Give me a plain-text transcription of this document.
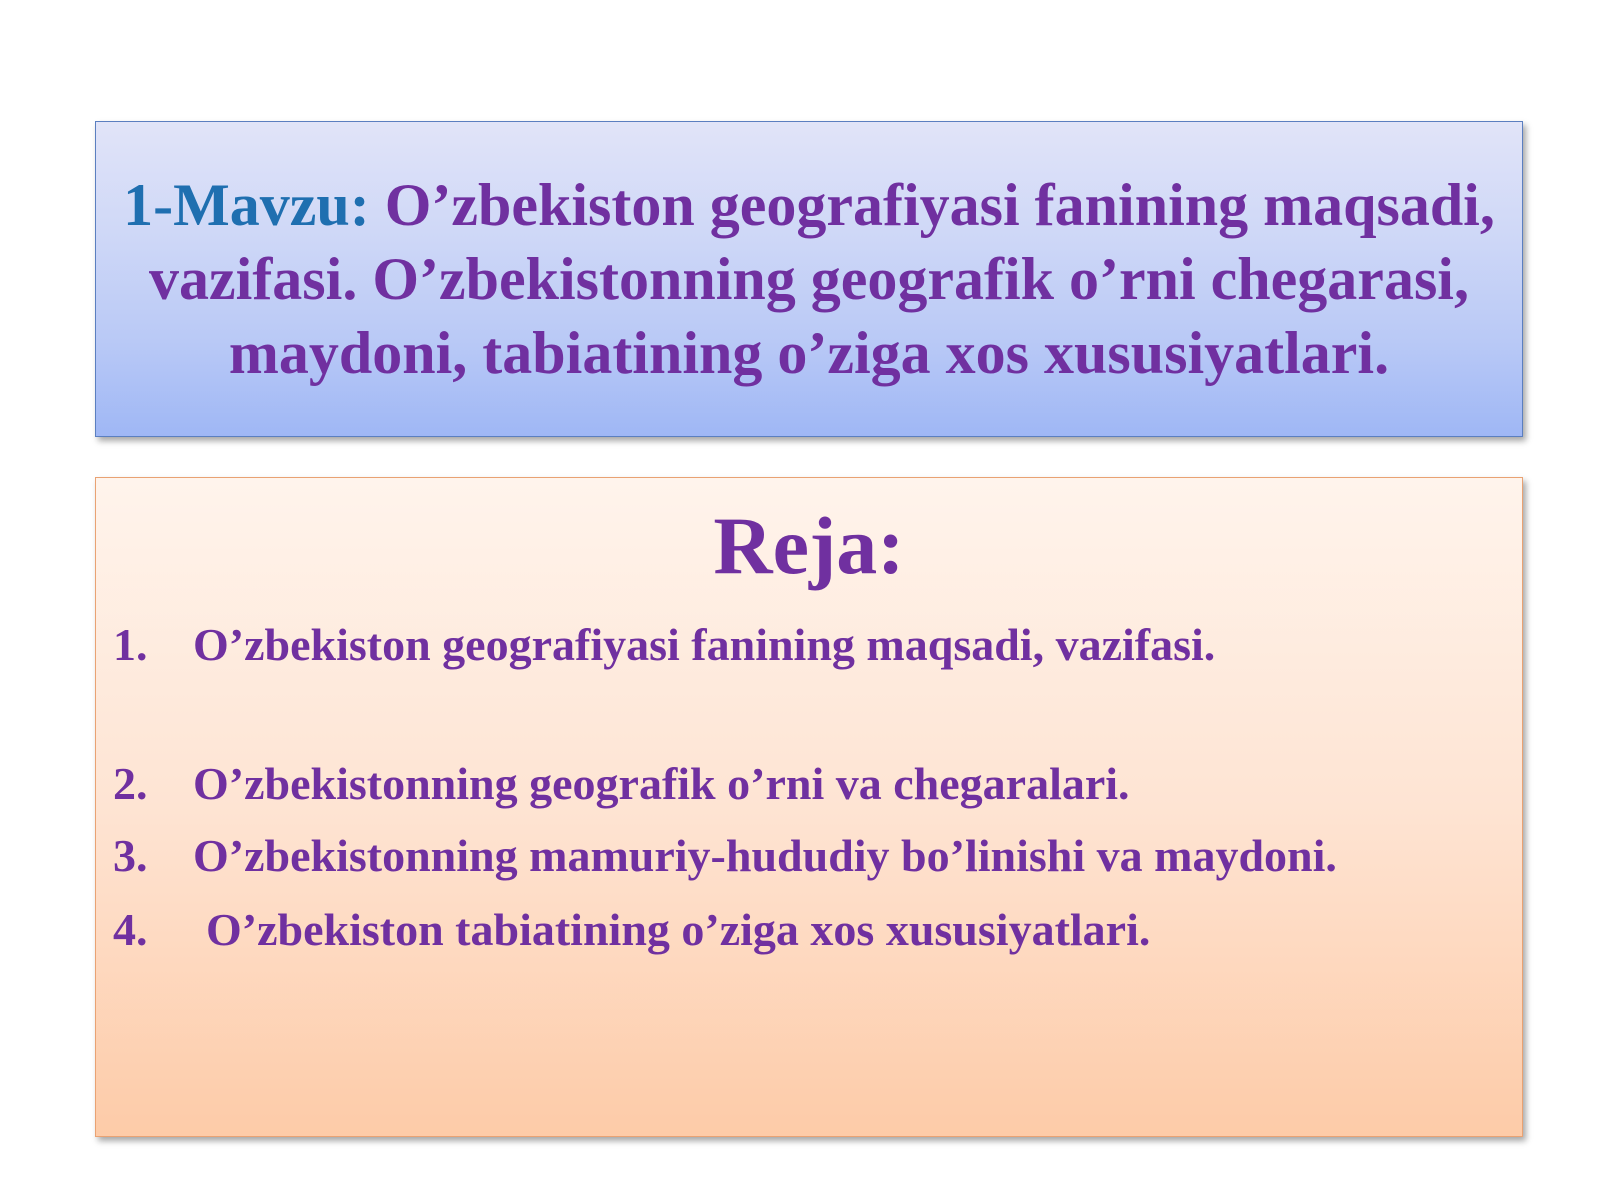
1-Mavzu: O’zbekiston geografiyasi fanining maqsadi, vazifasi. O’zbekistonning geografik o’rni chegarasi, maydoni, tabiatining o’ziga xos xususiyatlari.

Reja:
1. O’zbekiston geografiyasi fanining maqsadi, vazifasi.
2. O’zbekistonning geografik o’rni va chegaralari.
3. O’zbekistonning mamuriy-hududiy bo’linishi va maydoni.
4.	O’zbekiston tabiatining o’ziga xos xususiyatlari.
